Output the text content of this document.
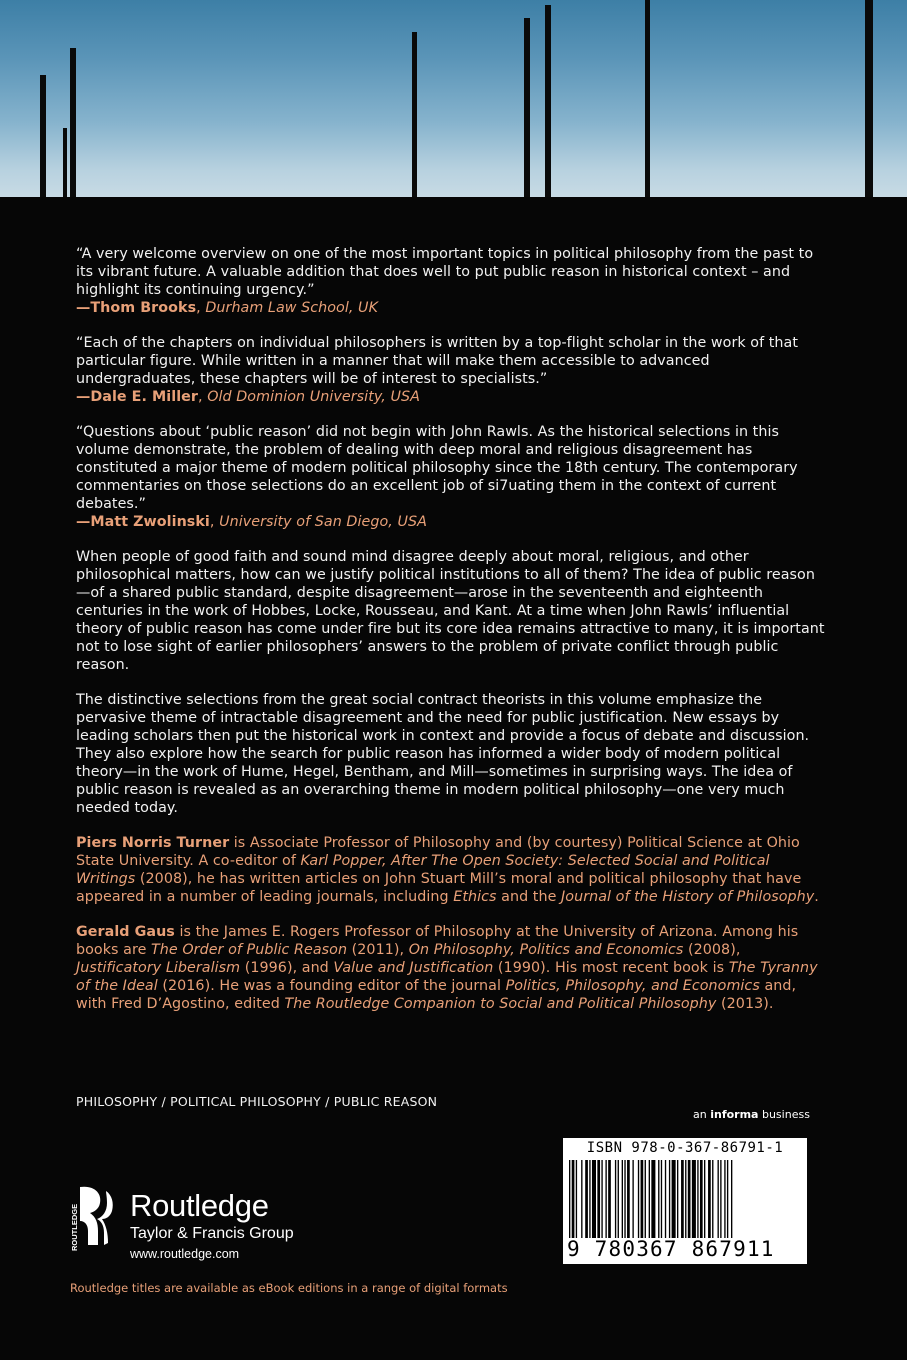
“A very welcome overview on one of the most important topics in political philosophy from the past to its vibrant future. A valuable addition that does well to put public reason in historical context – and highlight its continuing urgency.”
—Thom Brooks, Durham Law School, UK
“Each of the chapters on individual philosophers is written by a top-flight scholar in the work of that particular figure. While written in a manner that will make them accessible to advanced undergraduates, these chapters will be of interest to specialists.”
—Dale E. Miller, Old Dominion University, USA
“Questions about ‘public reason’ did not begin with John Rawls. As the historical selections in this volume demonstrate, the problem of dealing with deep moral and religious disagreement has constituted a major theme of modern political philosophy since the 18th century. The contemporary commentaries on those selections do an excellent job of si7uating them in the context of current debates.”
—Matt Zwolinski, University of San Diego, USA
When people of good faith and sound mind disagree deeply about moral, religious, and other philosophical matters, how can we justify political institutions to all of them? The idea of public reason—of a shared public standard, despite disagreement—arose in the seventeenth and eighteenth centuries in the work of Hobbes, Locke, Rousseau, and Kant. At a time when John Rawls’ influential theory of public reason has come under fire but its core idea remains attractive to many, it is important not to lose sight of earlier philosophers’ answers to the problem of private conflict through public reason.
The distinctive selections from the great social contract theorists in this volume emphasize the pervasive theme of intractable disagreement and the need for public justification. New essays by leading scholars then put the historical work in context and provide a focus of debate and discussion. They also explore how the search for public reason has informed a wider body of modern political theory—in the work of Hume, Hegel, Bentham, and Mill—sometimes in surprising ways. The idea of public reason is revealed as an overarching theme in modern political philosophy—one very much needed today.
Piers Norris Turner is Associate Professor of Philosophy and (by courtesy) Political Science at Ohio State University. A co-editor of Karl Popper, After The Open Society: Selected Social and Political Writings (2008), he has written articles on John Stuart Mill’s moral and political philosophy that have appeared in a number of leading journals, including Ethics and the Journal of the History of Philosophy.
Gerald Gaus is the James E. Rogers Professor of Philosophy at the University of Arizona. Among his books are The Order of Public Reason (2011), On Philosophy, Politics and Economics (2008), Justificatory Liberalism (1996), and Value and Justification (1990). His most recent book is The Tyranny of the Ideal (2016). He was a founding editor of the journal Politics, Philosophy, and Economics and, with Fred D’Agostino, edited The Routledge Companion to Social and Political Philosophy (2013).
PHILOSOPHY / POLITICAL PHILOSOPHY / PUBLIC REASON
an informa business
ISBN 978-0-367-86791-1
9 780367 867911
ROUTLEDGE Routledge
Taylor & Francis Group
www.routledge.com
Routledge titles are available as eBook editions in a range of digital formats
